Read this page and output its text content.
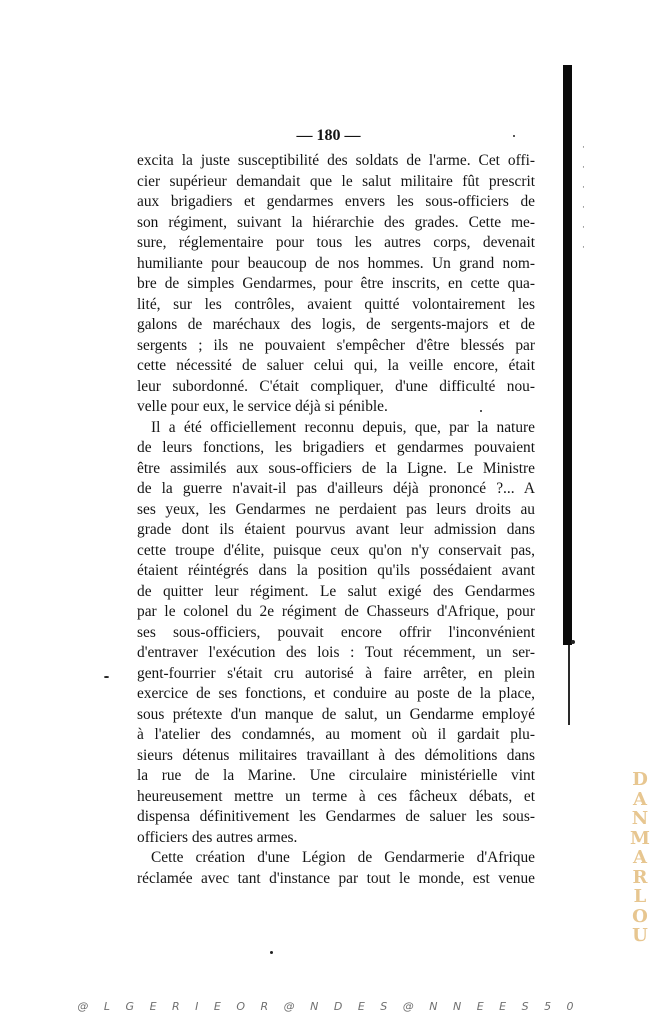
— 180 —
excita la juste susceptibilité des soldats de l'arme. Cet offi-
cier supérieur demandait que le salut militaire fût prescrit
aux brigadiers et gendarmes envers les sous-officiers de
son régiment, suivant la hiérarchie des grades. Cette me-
sure, réglementaire pour tous les autres corps, devenait
humiliante pour beaucoup de nos hommes. Un grand nom-
bre de simples Gendarmes, pour être inscrits, en cette qua-
lité, sur les contrôles, avaient quitté volontairement les
galons de maréchaux des logis, de sergents-majors et de
sergents ; ils ne pouvaient s'empêcher d'être blessés par
cette nécessité de saluer celui qui, la veille encore, était
leur subordonné. C'était compliquer, d'une difficulté nou-
velle pour eux, le service déjà si pénible.
Il a été officiellement reconnu depuis, que, par la nature
de leurs fonctions, les brigadiers et gendarmes pouvaient
être assimilés aux sous-officiers de la Ligne. Le Ministre
de la guerre n'avait-il pas d'ailleurs déjà prononcé ?... A
ses yeux, les Gendarmes ne perdaient pas leurs droits au
grade dont ils étaient pourvus avant leur admission dans
cette troupe d'élite, puisque ceux qu'on n'y conservait pas,
étaient réintégrés dans la position qu'ils possédaient avant
de quitter leur régiment. Le salut exigé des Gendarmes
par le colonel du 2e régiment de Chasseurs d'Afrique, pour
ses sous-officiers, pouvait encore offrir l'inconvénient
d'entraver l'exécution des lois : Tout récemment, un ser-
gent-fourrier s'était cru autorisé à faire arrêter, en plein
exercice de ses fonctions, et conduire au poste de la place,
sous prétexte d'un manque de salut, un Gendarme employé
à l'atelier des condamnés, au moment où il gardait plu-
sieurs détenus militaires travaillant à des démolitions dans
la rue de la Marine. Une circulaire ministérielle vint
heureusement mettre un terme à ces fâcheux débats, et
dispensa définitivement les Gendarmes de saluer les sous-
officiers des autres armes.
Cette création d'une Légion de Gendarmerie d'Afrique
réclamée avec tant d'instance par tout le monde, est venue
·
·
·
·
·
·
D
A
N
M
A
R
L
O
U
@ L G E R I E O R @ N D E S @ N N E E S 5 0
